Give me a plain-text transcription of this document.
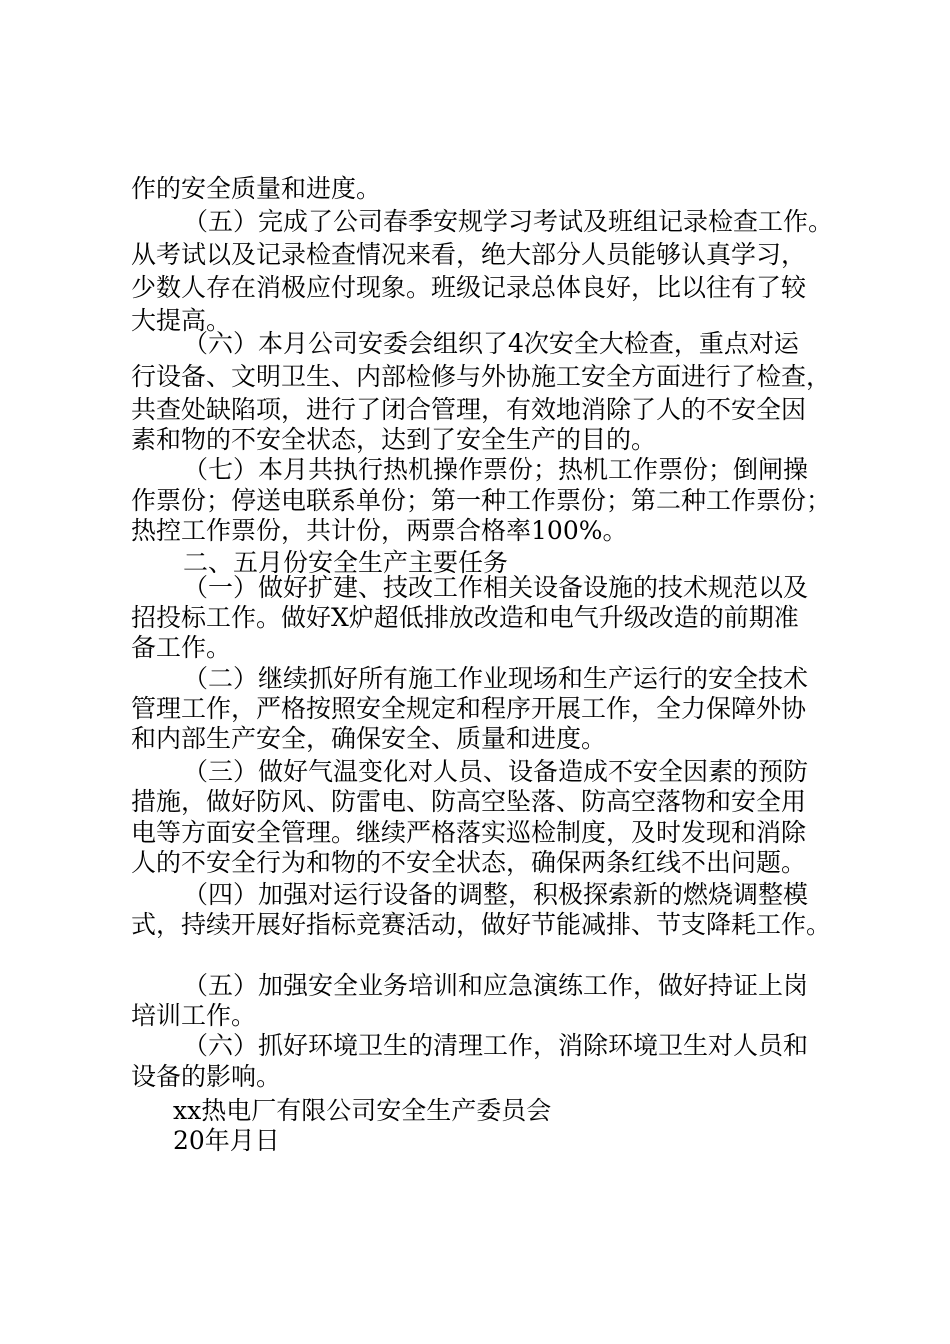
作的安全质量和进度。
（五）完成了公司春季安规学习考试及班组记录检查工作。
从考试以及记录检查情况来看，绝大部分人员能够认真学习，
少数人存在消极应付现象。班级记录总体良好，比以往有了较
大提高。
（六）本月公司安委会组织了4次安全大检查，重点对运
行设备、文明卫生、内部检修与外协施工安全方面进行了检查，
共查处缺陷项，进行了闭合管理，有效地消除了人的不安全因
素和物的不安全状态，达到了安全生产的目的。
（七）本月共执行热机操作票份；热机工作票份；倒闸操
作票份；停送电联系单份；第一种工作票份；第二种工作票份；
热控工作票份，共计份，两票合格率100%。
二、五月份安全生产主要任务
（一）做好扩建、技改工作相关设备设施的技术规范以及
招投标工作。做好X炉超低排放改造和电气升级改造的前期准
备工作。
（二）继续抓好所有施工作业现场和生产运行的安全技术
管理工作，严格按照安全规定和程序开展工作，全力保障外协
和内部生产安全，确保安全、质量和进度。
（三）做好气温变化对人员、设备造成不安全因素的预防
措施，做好防风、防雷电、防高空坠落、防高空落物和安全用
电等方面安全管理。继续严格落实巡检制度，及时发现和消除
人的不安全行为和物的不安全状态，确保两条红线不出问题。
（四）加强对运行设备的调整，积极探索新的燃烧调整模
式，持续开展好指标竞赛活动，做好节能减排、节支降耗工作。
（五）加强安全业务培训和应急演练工作，做好持证上岗
培训工作。
（六）抓好环境卫生的清理工作，消除环境卫生对人员和
设备的影响。
xx热电厂有限公司安全生产委员会
20年月日
